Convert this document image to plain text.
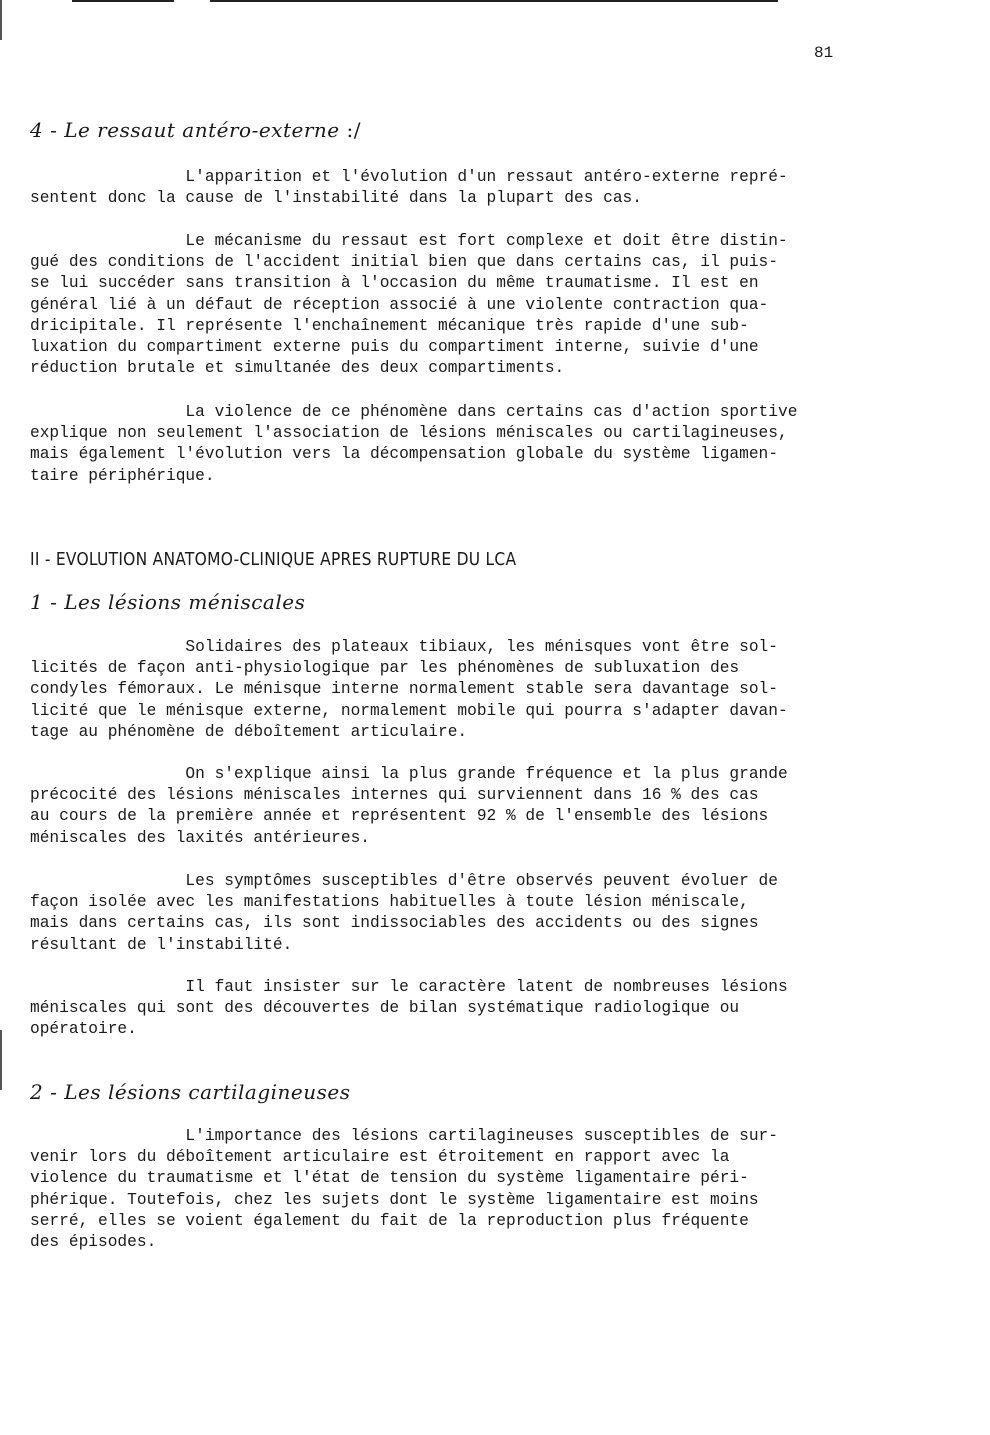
81
4 - Le ressaut antéro-externe :/
L'apparition et l'évolution d'un ressaut antéro-externe repré-
sentent donc la cause de l'instabilité dans la plupart des cas.
Le mécanisme du ressaut est fort complexe et doit être distin-
gué des conditions de l'accident initial bien que dans certains cas, il puis-
se lui succéder sans transition à l'occasion du même traumatisme. Il est en
général lié à un défaut de réception associé à une violente contraction qua-
dricipitale. Il représente l'enchaînement mécanique très rapide d'une sub-
luxation du compartiment externe puis du compartiment interne, suivie d'une
réduction brutale et simultanée des deux compartiments.
La violence de ce phénomène dans certains cas d'action sportive
explique non seulement l'association de lésions méniscales ou cartilagineuses,
mais également l'évolution vers la décompensation globale du système ligamen-
taire périphérique.
II - EVOLUTION ANATOMO-CLINIQUE APRES RUPTURE DU LCA
1 - Les lésions méniscales
Solidaires des plateaux tibiaux, les ménisques vont être sol-
licités de façon anti-physiologique par les phénomènes de subluxation des
condyles fémoraux. Le ménisque interne normalement stable sera davantage sol-
licité que le ménisque externe, normalement mobile qui pourra s'adapter davan-
tage au phénomène de déboîtement articulaire.
On s'explique ainsi la plus grande fréquence et la plus grande
précocité des lésions méniscales internes qui surviennent dans 16 % des cas
au cours de la première année et représentent 92 % de l'ensemble des lésions
méniscales des laxités antérieures.
Les symptômes susceptibles d'être observés peuvent évoluer de
façon isolée avec les manifestations habituelles à toute lésion méniscale,
mais dans certains cas, ils sont indissociables des accidents ou des signes
résultant de l'instabilité.
Il faut insister sur le caractère latent de nombreuses lésions
méniscales qui sont des découvertes de bilan systématique radiologique ou
opératoire.
2 - Les lésions cartilagineuses
L'importance des lésions cartilagineuses susceptibles de sur-
venir lors du déboîtement articulaire est étroitement en rapport avec la
violence du traumatisme et l'état de tension du système ligamentaire péri-
phérique. Toutefois, chez les sujets dont le système ligamentaire est moins
serré, elles se voient également du fait de la reproduction plus fréquente
des épisodes.
